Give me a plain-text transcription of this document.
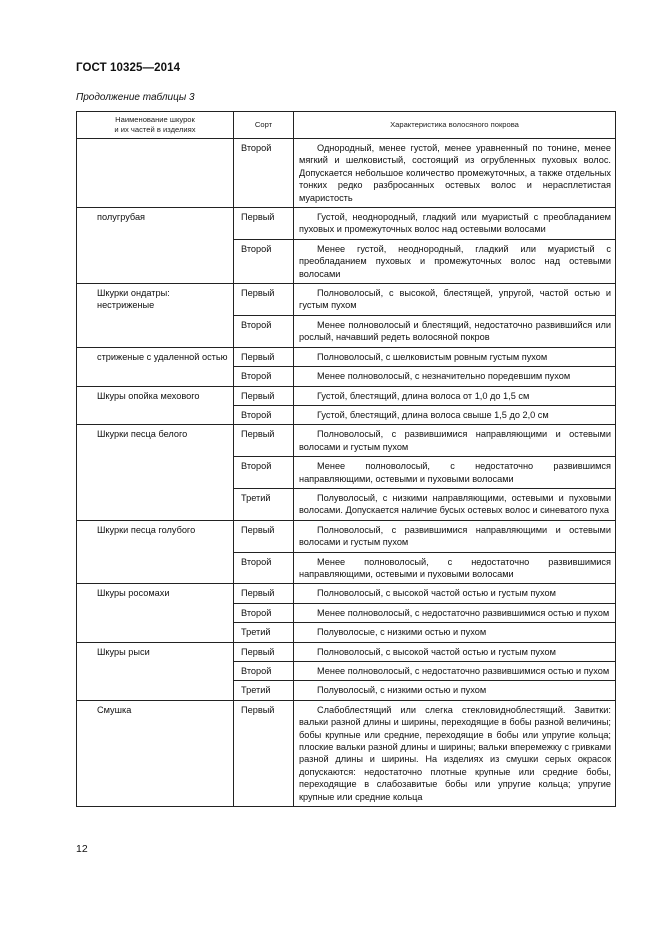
ГОСТ 10325—2014
Продолжение таблицы 3
Наименование шкурок
и их частей в изделиях	Сорт	Характеристика волосяного покрова
	Второй	Однородный, менее густой, менее уравненный по тонине, менее мягкий и шелковистый, состоящий из огрубленных пуховых волос. Допускается небольшое количество промежуточных, а также отдельных тонких редко разбросанных остевых волос и нерасплетистая муаристость
полугрубая	Первый	Густой, неоднородный, гладкий или муаристый с преобладанием пуховых и промежуточных волос над остевыми волосами
	Второй	Менее густой, неоднородный, гладкий или муаристый с преобладанием пуховых и промежуточных волос над остевыми волосами
Шкурки ондатры:
нестриженые	Первый	Полноволосый, с высокой, блестящей, упругой, частой остью и густым пухом
	Второй	Менее полноволосый и блестящий, недостаточно развившийся или рослый, начавший редеть волосяной покров
стриженые с удаленной остью	Первый	Полноволосый, с шелковистым ровным густым пухом
	Второй	Менее полноволосый, с незначительно поредевшим пухом
Шкуры опойка мехового	Первый	Густой, блестящий, длина волоса от 1,0 до 1,5 см
	Второй	Густой, блестящий, длина волоса свыше 1,5 до 2,0 см
Шкурки песца белого	Первый	Полноволосый, с развившимися направляющими и остевыми волосами и густым пухом
	Второй	Менее полноволосый, с недостаточно развившимся направляющими, остевыми и пуховыми волосами
	Третий	Полуволосый, с низкими направляющими, остевыми и пуховыми волосами. Допускается наличие бусых остевых волос и синеватого пуха
Шкурки песца голубого	Первый	Полноволосый, с развившимися направляющими и остевыми волосами и густым пухом
	Второй	Менее полноволосый, с недостаточно развившимися направляющими, остевыми и пуховыми волосами
Шкуры росомахи	Первый	Полноволосый, с высокой частой остью и густым пухом
	Второй	Менее полноволосый, с недостаточно развившимися остью и пухом
	Третий	Полуволосые, с низкими остью и пухом
Шкуры рыси	Первый	Полноволосый, с высокой частой остью и густым пухом
	Второй	Менее полноволосый, с недостаточно развившимися остью и пухом
	Третий	Полуволосый, с низкими остью и пухом
Смушка	Первый	Слабоблестящий или слегка стекловиднoблестящий. Завитки: вальки разной длины и ширины, переходящие в бобы разной величины; бобы крупные или средние, переходящие в бобы или упругие кольца; плоские вальки разной длины и ширины; вальки вперемежку с гривками разной длины и ширины. На изделиях из смушки серых окрасок допускаются: недостаточно плотные крупные или средние бобы, переходящие в слабозавитые бобы или упругие кольца; упругие крупные или средние кольца
12
